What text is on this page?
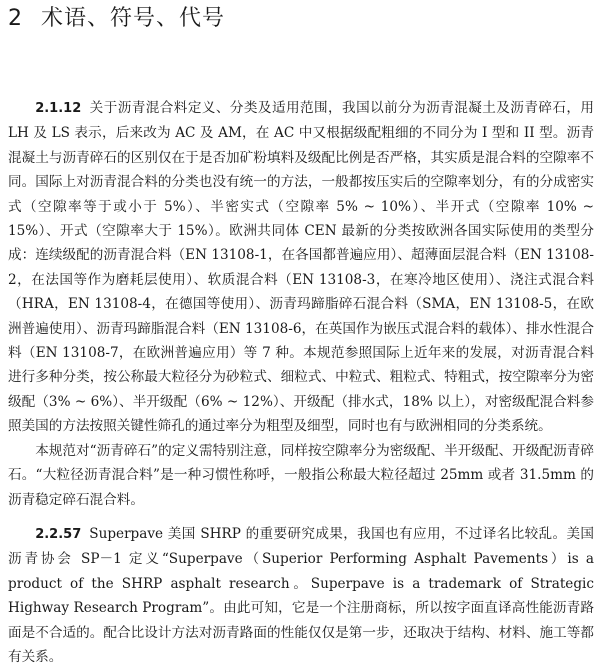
2 术语、符号、代号

2.1.12 关于沥青混合料定义、分类及适用范围，我国以前分为沥青混凝土及沥青碎石，用 LH 及 LS 表示，后来改为 AC 及 AM，在 AC 中又根据级配粗细的不同分为 I 型和 II 型。沥青混凝土与沥青碎石的区别仅在于是否加矿粉填料及级配比例是否严格，其实质是混合料的空隙率不同。国际上对沥青混合料的分类也没有统一的方法，一般都按压实后的空隙率划分，有的分成密实式（空隙率等于或小于 5%）、半密实式（空隙率 5% ~ 10%）、半开式（空隙率 10% ~ 15%）、开式（空隙率大于 15%）。欧洲共同体 CEN 最新的分类按欧洲各国实际使用的类型分成：连续级配的沥青混合料（EN 13108-1，在各国都普遍应用）、超薄面层混合料（EN 13108-2，在法国等作为磨耗层使用）、软质混合料（EN 13108-3，在寒冷地区使用）、浇注式混合料（HRA，EN 13108-4，在德国等使用）、沥青玛蹄脂碎石混合料（SMA，EN 13108-5，在欧洲普遍使用）、沥青玛蹄脂混合料（EN 13108-6，在英国作为嵌压式混合料的载体）、排水性混合料（EN 13108-7，在欧洲普遍应用）等 7 种。本规范参照国际上近年来的发展，对沥青混合料进行多种分类，按公称最大粒径分为砂粒式、细粒式、中粒式、粗粒式、特粗式，按空隙率分为密级配（3% ~ 6%）、半开级配（6% ~ 12%）、开级配（排水式，18% 以上），对密级配混合料参照美国的方法按照关键性筛孔的通过率分为粗型及细型，同时也有与欧洲相同的分类系统。

本规范对“沥青碎石”的定义需特别注意，同样按空隙率分为密级配、半开级配、开级配沥青碎石。“大粒径沥青混合料”是一种习惯性称呼，一般指公称最大粒径超过 25mm 或者 31.5mm 的沥青稳定碎石混合料。

2.2.57 Superpave 美国 SHRP 的重要研究成果，我国也有应用，不过译名比较乱。美国沥青协会 SP－1 定义“Superpave（Superior Performing Asphalt Pavements）is a product of the SHRP asphalt research。Superpave is a trademark of Strategic Highway Research Program”。由此可知，它是一个注册商标，所以按字面直译高性能沥青路面是不合适的。配合比设计方法对沥青路面的性能仅仅是第一步，还取决于结构、材料、施工等都有关系。
